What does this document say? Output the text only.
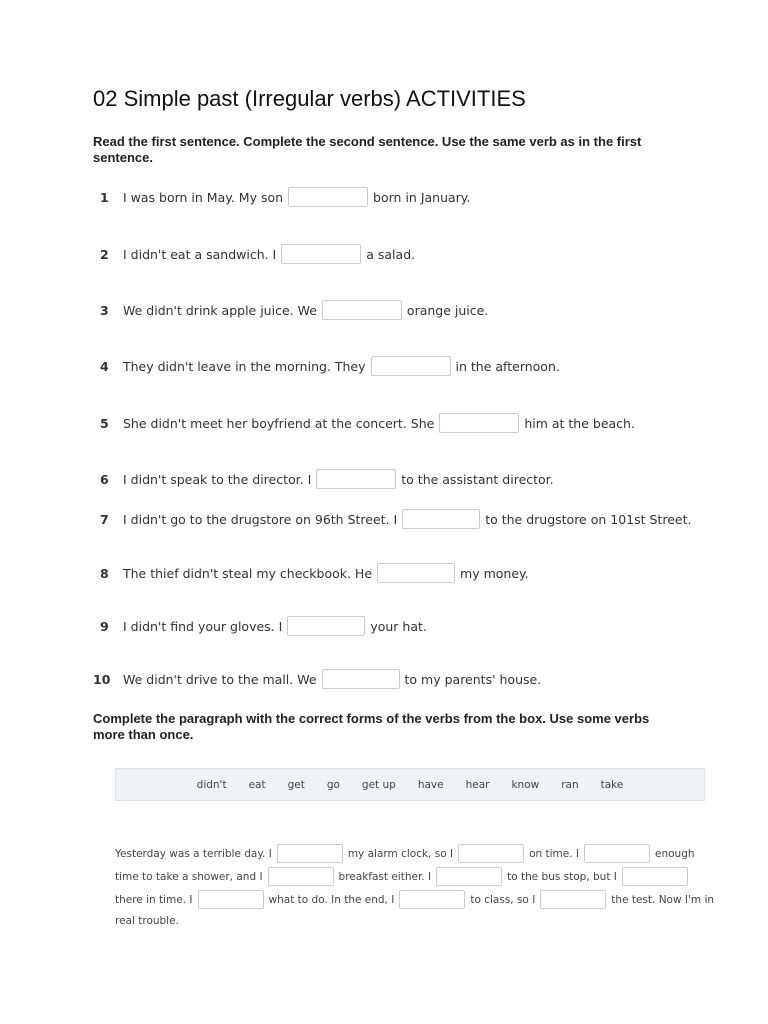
02 Simple past (Irregular verbs) ACTIVITIES

Read the first sentence. Complete the second sentence. Use the same verb as in the first sentence.

1	I was born in May. My son	born in January.
2	I didn't eat a sandwich. I	a salad.
3	We didn't drink apple juice. We	orange juice.
4	They didn't leave in the morning. They	in the afternoon.
5	She didn't meet her boyfriend at the concert. She	him at the beach.
6	I didn't speak to the director. I	to the assistant director.
7	I didn't go to the drugstore on 96th Street. I	to the drugstore on 101st Street.
8	The thief didn't steal my checkbook. He	my money.
9	I didn't find your gloves. I	your hat.
10	We didn't drive to the mall. We	to my parents' house.

Complete the paragraph with the correct forms of the verbs from the box. Use some verbs more than once.

didn't eat get go get up have hear know ran take
Yesterday was a terrible day. I	my alarm clock, so I	on time. I	enough
time to take a shower, and I	breakfast either. I	to the bus stop, but I
there in time. I	what to do. In the end, I	to class, so I	the test. Now I'm in
real trouble.
